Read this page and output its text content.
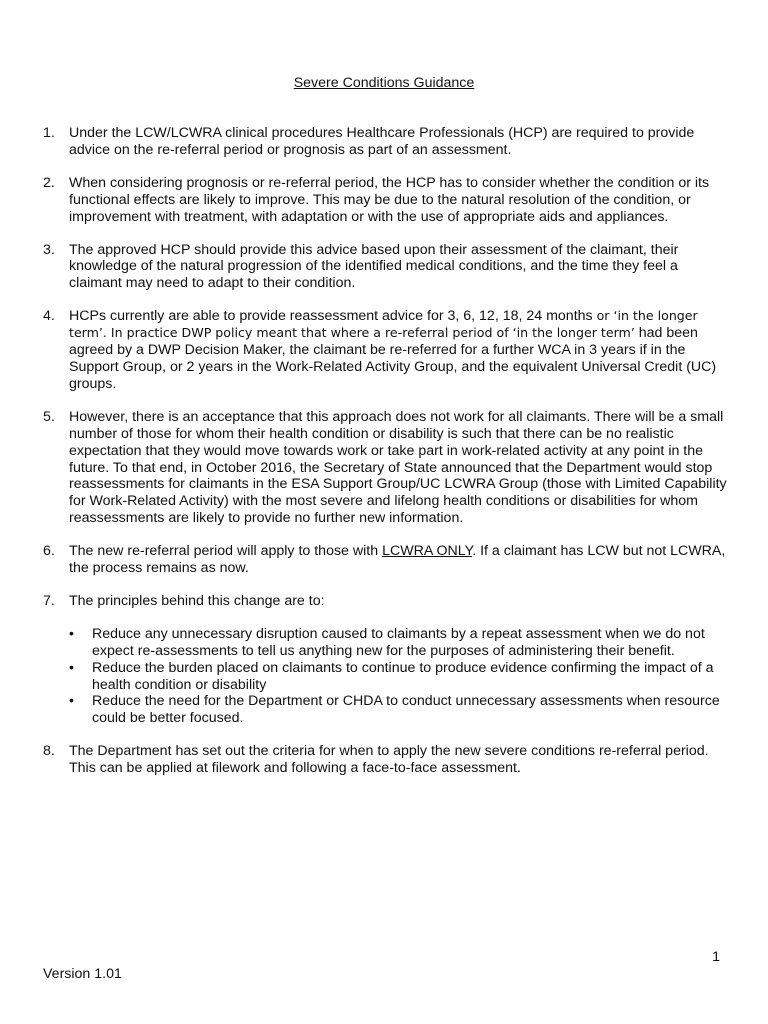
Severe Conditions Guidance
1. Under the LCW/LCWRA clinical procedures Healthcare Professionals (HCP) are required to provide advice on the re-referral period or prognosis as part of an assessment.
2. When considering prognosis or re-referral period, the HCP has to consider whether the condition or its functional effects are likely to improve. This may be due to the natural resolution of the condition, or improvement with treatment, with adaptation or with the use of appropriate aids and appliances.
3. The approved HCP should provide this advice based upon their assessment of the claimant, their knowledge of the natural progression of the identified medical conditions, and the time they feel a claimant may need to adapt to their condition.
4. HCPs currently are able to provide reassessment advice for 3, 6, 12, 18, 24 months or ‘in the longer term’. In practice DWP policy meant that where a re-referral period of ‘in the longer term’ had been agreed by a DWP Decision Maker, the claimant be re-referred for a further WCA in 3 years if in the Support Group, or 2 years in the Work-Related Activity Group, and the equivalent Universal Credit (UC) groups.
5. However, there is an acceptance that this approach does not work for all claimants. There will be a small number of those for whom their health condition or disability is such that there can be no realistic expectation that they would move towards work or take part in work-related activity at any point in the future. To that end, in October 2016, the Secretary of State announced that the Department would stop reassessments for claimants in the ESA Support Group/UC LCWRA Group (those with Limited Capability for Work-Related Activity) with the most severe and lifelong health conditions or disabilities for whom reassessments are likely to provide no further new information.
6. The new re-referral period will apply to those with LCWRA ONLY. If a claimant has LCW but not LCWRA, the process remains as now.
7. The principles behind this change are to:
• Reduce any unnecessary disruption caused to claimants by a repeat assessment when we do not expect re-assessments to tell us anything new for the purposes of administering their benefit.
• Reduce the burden placed on claimants to continue to produce evidence confirming the impact of a health condition or disability
• Reduce the need for the Department or CHDA to conduct unnecessary assessments when resource could be better focused.
8. The Department has set out the criteria for when to apply the new severe conditions re-referral period. This can be applied at filework and following a face-to-face assessment.
1
Version 1.01
